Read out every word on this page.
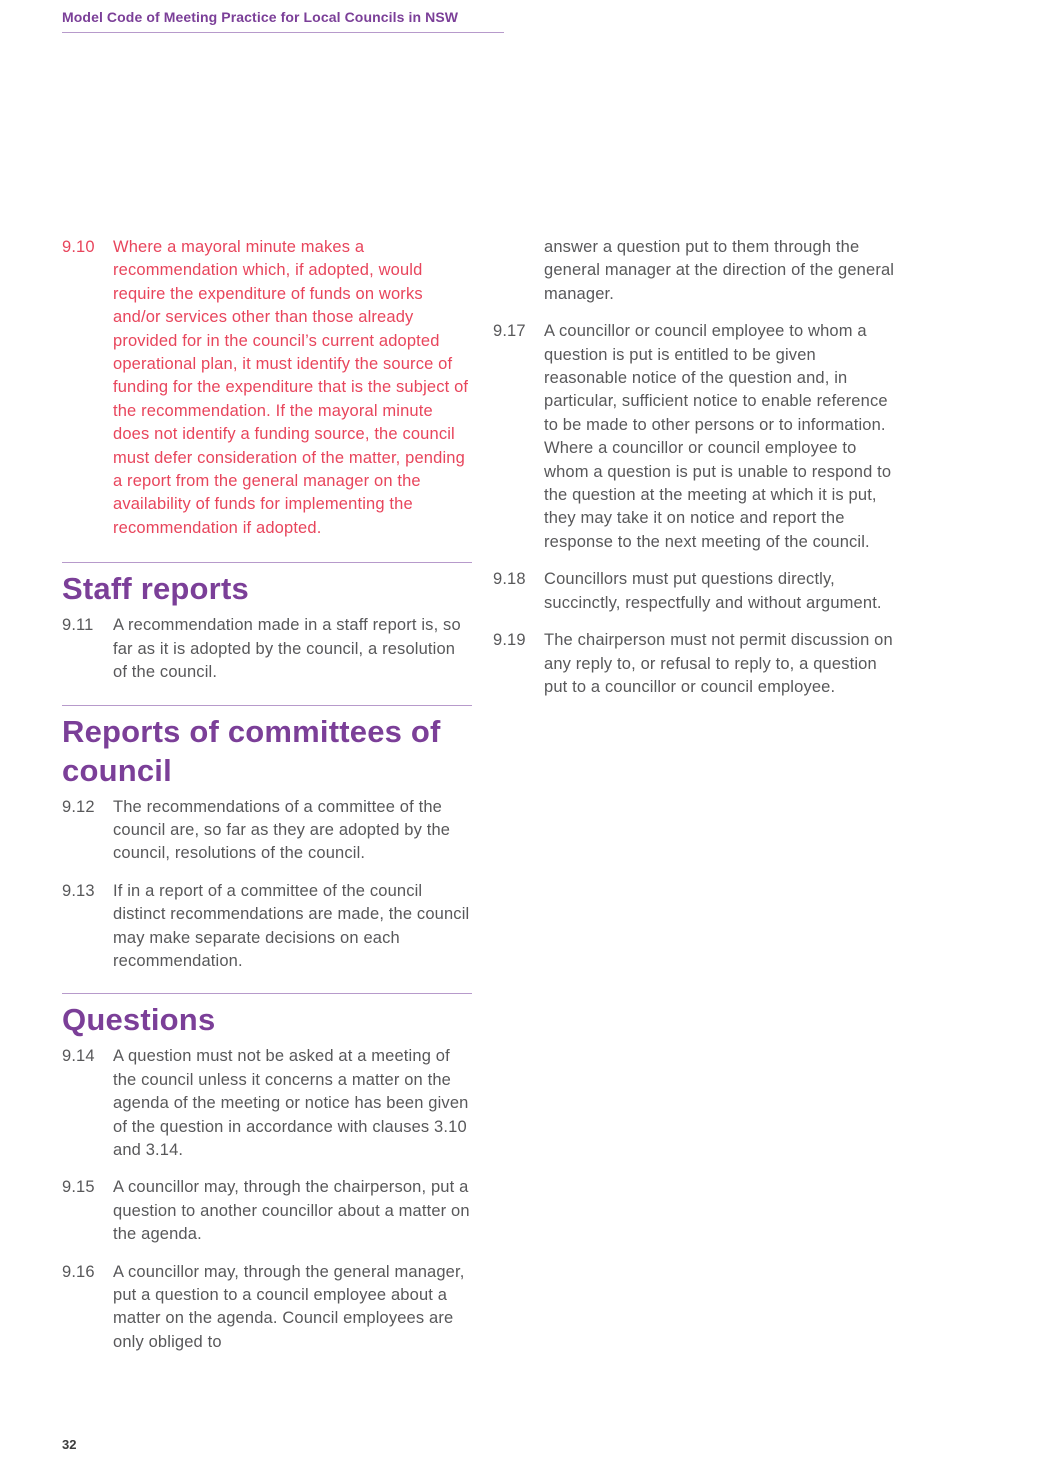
Model Code of Meeting Practice for Local Councils in NSW
9.10	Where a mayoral minute makes a recommendation which, if adopted, would require the expenditure of funds on works and/or services other than those already provided for in the council’s current adopted operational plan, it must identify the source of funding for the expenditure that is the subject of the recommendation. If the mayoral minute does not identify a funding source, the council must defer consideration of the matter, pending a report from the general manager on the availability of funds for implementing the recommendation if adopted.
Staff reports
9.11	A recommendation made in a staff report is, so far as it is adopted by the council, a resolution of the council.
Reports of committees of council
9.12	The recommendations of a committee of the council are, so far as they are adopted by the council, resolutions of the council.
9.13	If in a report of a committee of the council distinct recommendations are made, the council may make separate decisions on each recommendation.
Questions
9.14	A question must not be asked at a meeting of the council unless it concerns a matter on the agenda of the meeting or notice has been given of the question in accordance with clauses 3.10 and 3.14.
9.15	A councillor may, through the chairperson, put a question to another councillor about a matter on the agenda.
9.16	A councillor may, through the general manager, put a question to a council employee about a matter on the agenda. Council employees are only obliged to
answer a question put to them through the general manager at the direction of the general manager.
9.17	A councillor or council employee to whom a question is put is entitled to be given reasonable notice of the question and, in particular, sufficient notice to enable reference to be made to other persons or to information. Where a councillor or council employee to whom a question is put is unable to respond to the question at the meeting at which it is put, they may take it on notice and report the response to the next meeting of the council.
9.18	Councillors must put questions directly, succinctly, respectfully and without argument.
9.19	The chairperson must not permit discussion on any reply to, or refusal to reply to, a question put to a councillor or council employee.
32
